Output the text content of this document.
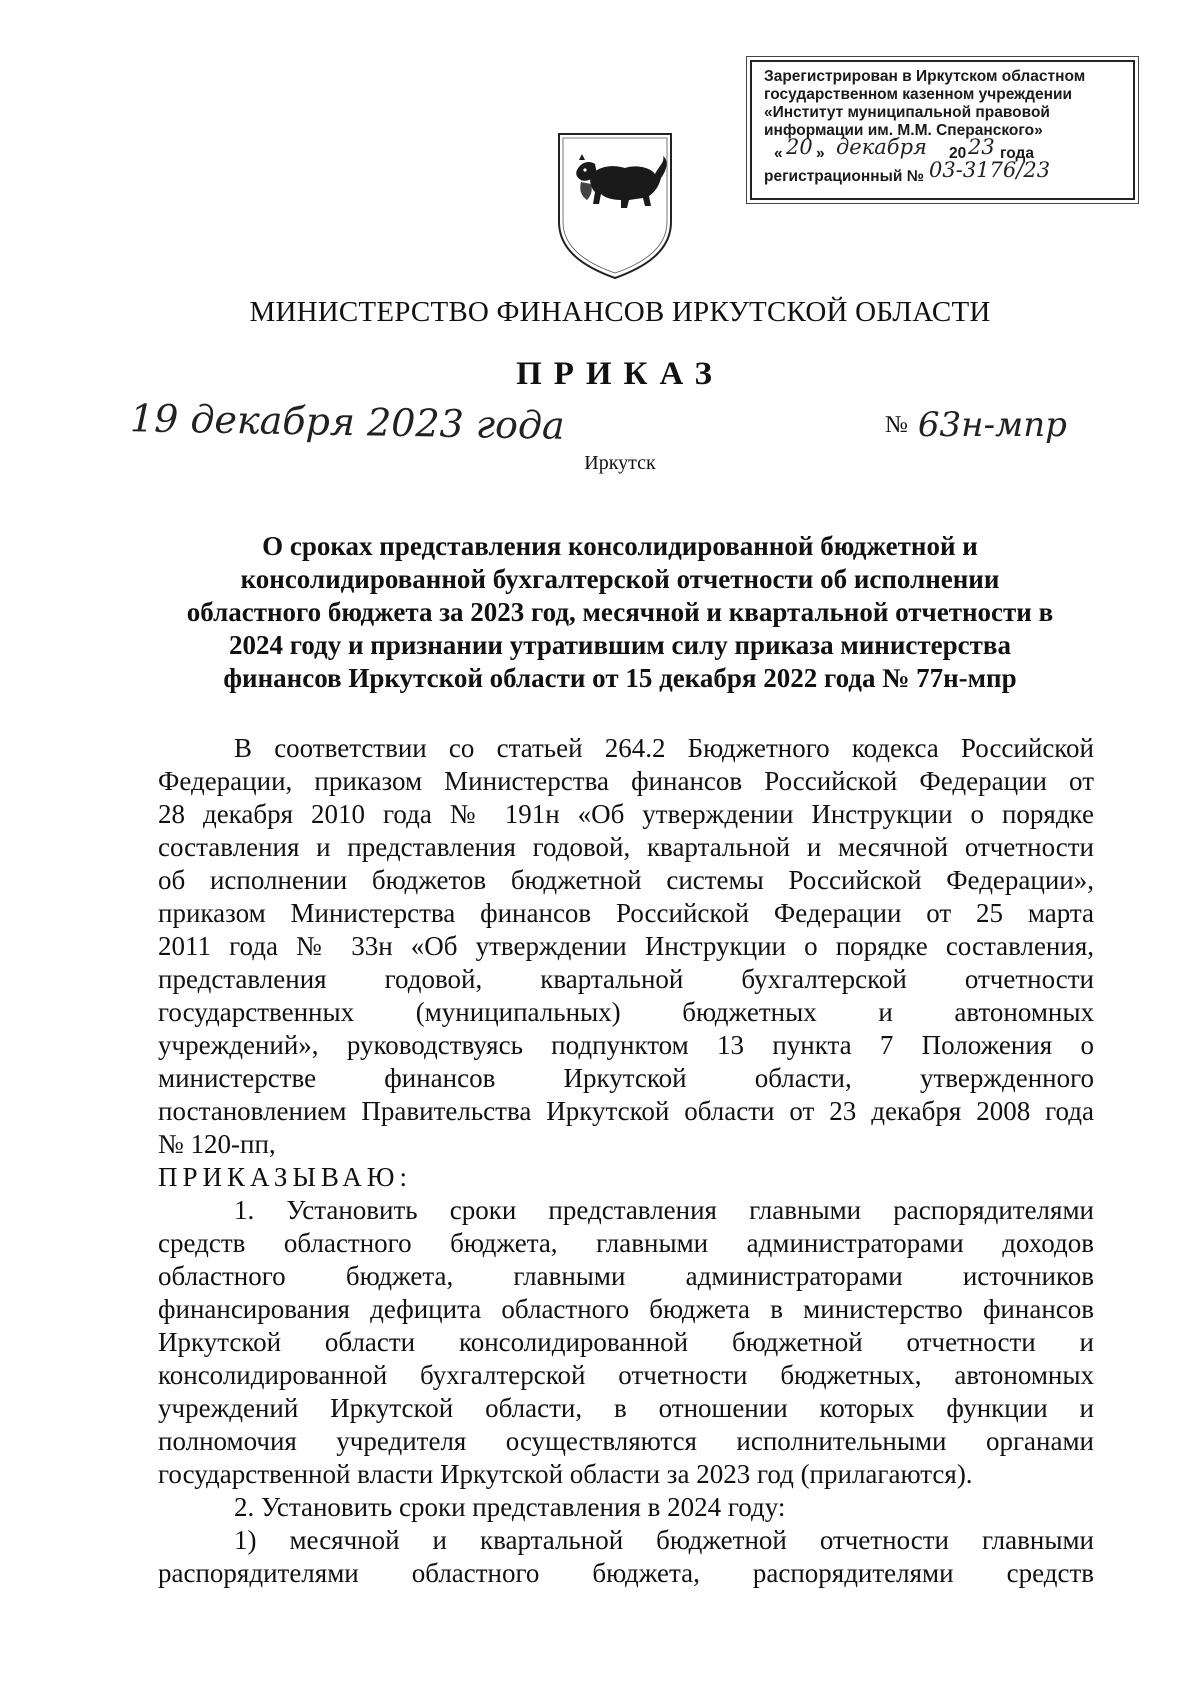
Зарегистрирован в Иркутском областном
государственном казенном учреждении
«Институт муниципальной правовой
информации им. М.М. Сперанского»
« 20 » декабря 20 23 года
регистрационный № 03-3176/23
МИНИСТЕРСТВО ФИНАНСОВ ИРКУТСКОЙ ОБЛАСТИ
ПРИКАЗ
19 декабря 2023 года	№ 63н-мпр
Иркутск
О сроках представления консолидированной бюджетной и
консолидированной бухгалтерской отчетности об исполнении
областного бюджета за 2023 год, месячной и квартальной отчетности в
2024 году и признании утратившим силу приказа министерства
финансов Иркутской области от 15 декабря 2022 года № 77н-мпр
В соответствии со статьей 264.2 Бюджетного кодекса Российской
Федерации, приказом Министерства финансов Российской Федерации от
28 декабря 2010 года № 191н «Об утверждении Инструкции о порядке
составления и представления годовой, квартальной и месячной отчетности
об исполнении бюджетов бюджетной системы Российской Федерации»,
приказом Министерства финансов Российской Федерации от 25 марта
2011 года № 33н «Об утверждении Инструкции о порядке составления,
представления годовой, квартальной бухгалтерской отчетности
государственных (муниципальных) бюджетных и автономных
учреждений», руководствуясь подпунктом 13 пункта 7 Положения о
министерстве финансов Иркутской области, утвержденного
постановлением Правительства Иркутской области от 23 декабря 2008 года
№ 120-пп,
ПРИКАЗЫВАЮ:
1. Установить сроки представления главными распорядителями
средств областного бюджета, главными администраторами доходов
областного бюджета, главными администраторами источников
финансирования дефицита областного бюджета в министерство финансов
Иркутской области консолидированной бюджетной отчетности и
консолидированной бухгалтерской отчетности бюджетных, автономных
учреждений Иркутской области, в отношении которых функции и
полномочия учредителя осуществляются исполнительными органами
государственной власти Иркутской области за 2023 год (прилагаются).
2. Установить сроки представления в 2024 году:
1) месячной и квартальной бюджетной отчетности главными
распорядителями областного бюджета, распорядителями средств
